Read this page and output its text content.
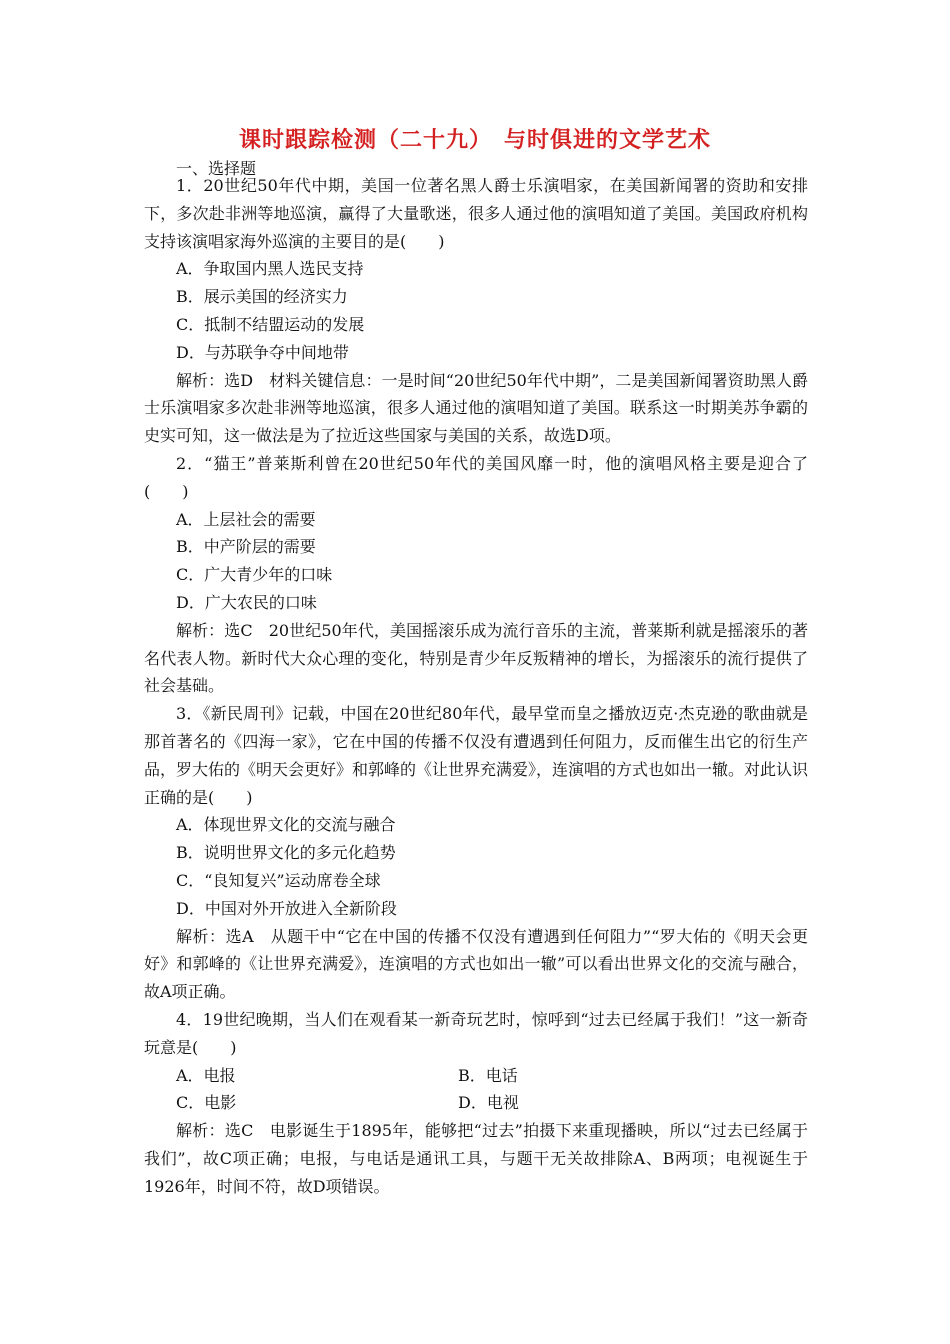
课时跟踪检测（二十九）　与时俱进的文学艺术
一、选择题

1．20世纪50年代中期，美国一位著名黑人爵士乐演唱家，在美国新闻署的资助和安排下，多次赴非洲等地巡演，赢得了大量歌迷，很多人通过他的演唱知道了美国。美国政府机构支持该演唱家海外巡演的主要目的是(　　)

A．争取国内黑人选民支持

B．展示美国的经济实力

C．抵制不结盟运动的发展

D．与苏联争夺中间地带

解析：选D　材料关键信息：一是时间“20世纪50年代中期”，二是美国新闻署资助黑人爵士乐演唱家多次赴非洲等地巡演，很多人通过他的演唱知道了美国。联系这一时期美苏争霸的史实可知，这一做法是为了拉近这些国家与美国的关系，故选D项。

2．“猫王”普莱斯利曾在20世纪50年代的美国风靡一时，他的演唱风格主要是迎合了(　　)

A．上层社会的需要

B．中产阶层的需要

C．广大青少年的口味

D．广大农民的口味

解析：选C　20世纪50年代，美国摇滚乐成为流行音乐的主流，普莱斯利就是摇滚乐的著名代表人物。新时代大众心理的变化，特别是青少年反叛精神的增长，为摇滚乐的流行提供了社会基础。

3．《新民周刊》记载，中国在20世纪80年代，最早堂而皇之播放迈克·杰克逊的歌曲就是那首著名的《四海一家》，它在中国的传播不仅没有遭遇到任何阻力，反而催生出它的衍生产品，罗大佑的《明天会更好》和郭峰的《让世界充满爱》，连演唱的方式也如出一辙。对此认识正确的是(　　)

A．体现世界文化的交流与融合

B．说明世界文化的多元化趋势

C．“良知复兴”运动席卷全球

D．中国对外开放进入全新阶段

解析：选A　从题干中“它在中国的传播不仅没有遭遇到任何阻力”“罗大佑的《明天会更好》和郭峰的《让世界充满爱》，连演唱的方式也如出一辙”可以看出世界文化的交流与融合，故A项正确。

4．19世纪晚期，当人们在观看某一新奇玩艺时，惊呼到“过去已经属于我们！”这一新奇玩意是(　　)

A．电报	B．电话
C．电影	D．电视

解析：选C　电影诞生于1895年，能够把“过去”拍摄下来重现播映，所以“过去已经属于我们”，故C项正确；电报，与电话是通讯工具，与题干无关故排除A、B两项；电视诞生于1926年，时间不符，故D项错误。
